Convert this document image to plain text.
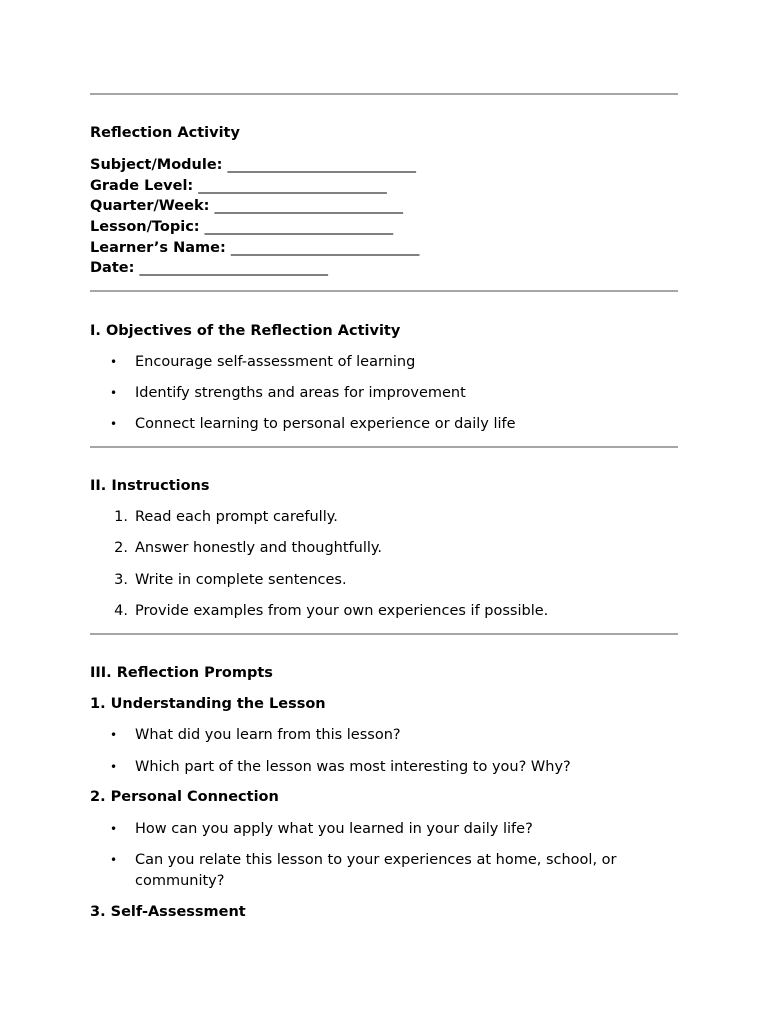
Reflection Activity
Subject/Module: __________________________
Grade Level: __________________________
Quarter/Week: __________________________
Lesson/Topic: __________________________
Learner’s Name: __________________________
Date: __________________________
I. Objectives of the Reflection Activity
• Encourage self-assessment of learning
• Identify strengths and areas for improvement
• Connect learning to personal experience or daily life
II. Instructions
1. Read each prompt carefully.
2. Answer honestly and thoughtfully.
3. Write in complete sentences.
4. Provide examples from your own experiences if possible.
III. Reflection Prompts
1. Understanding the Lesson
• What did you learn from this lesson?
• Which part of the lesson was most interesting to you? Why?
2. Personal Connection
• How can you apply what you learned in your daily life?
• Can you relate this lesson to your experiences at home, school, or community?
3. Self-Assessment
